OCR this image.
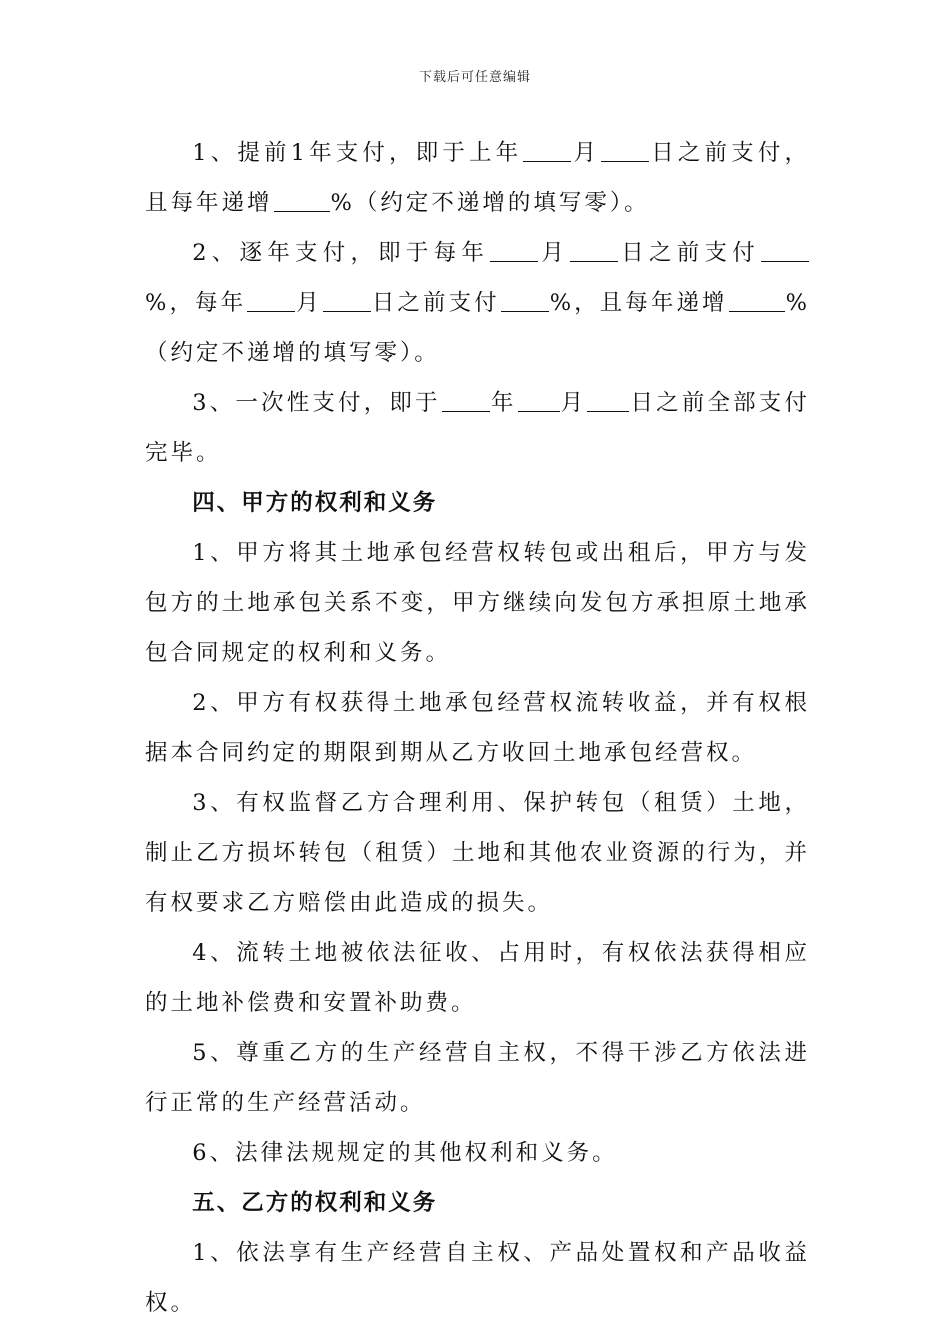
下载后可任意编辑

1、提前1年支付，即于上年 月 日之前支付，且每年递增	%（约定不递增的填写零）。

2、逐年支付，即于每年 月 日之前支付%，每年 月 日之前支付 %，且每年递增	%（约定不递增的填写零）。

3、一次性支付，即于 年 月 日之前全部支付完毕。

四、甲方的权利和义务

1、甲方将其土地承包经营权转包或出租后，甲方与发包方的土地承包关系不变，甲方继续向发包方承担原土地承包合同规定的权利和义务。

2、甲方有权获得土地承包经营权流转收益，并有权根据本合同约定的期限到期从乙方收回土地承包经营权。

3、有权监督乙方合理利用、保护转包（租赁）土地，制止乙方损坏转包（租赁）土地和其他农业资源的行为，并有权要求乙方赔偿由此造成的损失。

4、流转土地被依法征收、占用时，有权依法获得相应的土地补偿费和安置补助费。

5、尊重乙方的生产经营自主权，不得干涉乙方依法进行正常的生产经营活动。

6、法律法规规定的其他权利和义务。

五、乙方的权利和义务

1、依法享有生产经营自主权、产品处置权和产品收益权。
